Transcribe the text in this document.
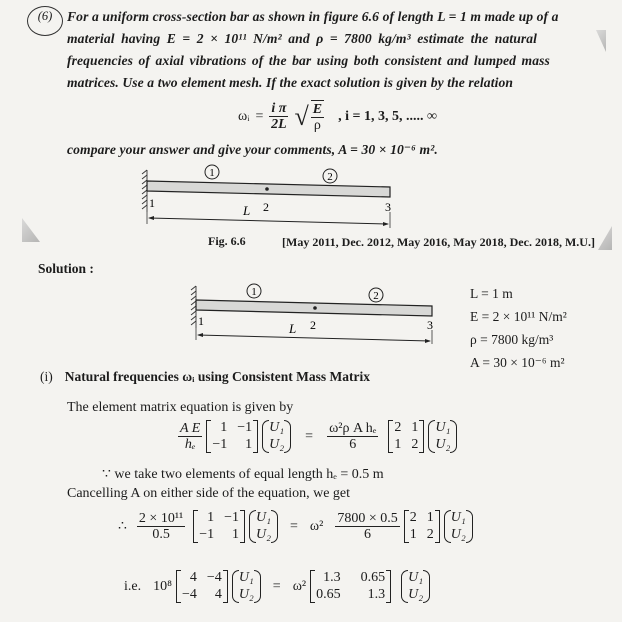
(6) For a uniform cross-section bar as shown in figure 6.6 of length L = 1 m made up of a
material having E = 2 × 10¹¹ N/m² and ρ = 7800 kg/m³ estimate the natural
frequencies of axial vibrations of the bar using both consistent and lumped mass
matrices. Use a two element mesh. If the exact solution is given by the relation
ωᵢ = $\frac{\text{i π}}{2L}$ √ $\frac{E}{\rho}$ , i = 1, 3, 5, ..... ∞
compare your answer and give your comments, A = 30 × 10⁻⁶ m².
1	2
1	2	3
L
Fig. 6.6	[May 2011, Dec. 2012, May 2016, May 2018, Dec. 2018, M.U.]
Solution :
1	2
1	2	3
L
L = 1 m
E = 2 × 10¹¹ N/m²
ρ = 7800 kg/m³
A = 30 × 10⁻⁶ m²
(i) Natural frequencies ωᵢ using Consistent Mass Matrix
The element matrix equation is given by
$\frac{\text{A E}}{\text{hₑ}}$	1 −1
−1	1
U₁
U₂
= $\frac{\text{ω²ρ A hₑ}}{6} 2$ 1
1 2
U₁
U₂
∵ we take two elements of equal length hₑ = 0.5 m
Cancelling A on either side of the equation, we get
∴ $\frac{\text{2 × 10¹¹}}{0.5}$	1 −1
−1	1
U₁
U₂
= $\omega^2 \frac{7800 \times 0.5}{6} 2$ 1
1 2
U₁
U₂
i.e. 10⁸
4 −4
−4	4
U₁
U₂
= ω²
1.3 0.65
0.65	1.3
U₁
U₂
